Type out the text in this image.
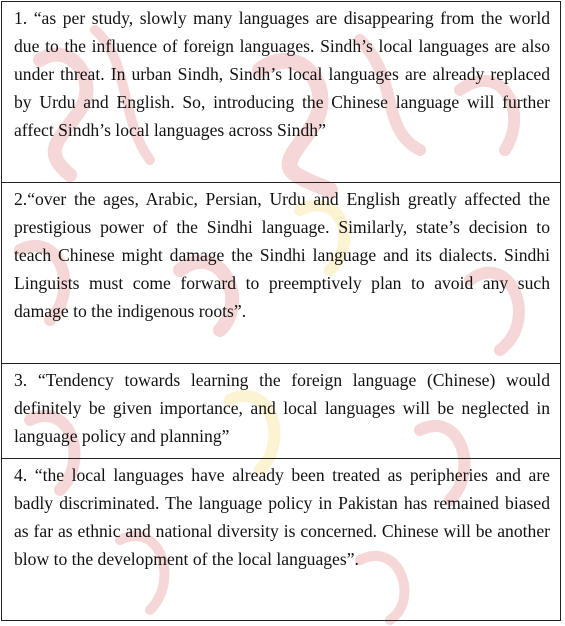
1. “as per study, slowly many languages are disappearing from the world due to the influence of foreign languages. Sindh’s local languages are also under threat. In urban Sindh, Sindh’s local languages are already replaced by Urdu and English. So, introducing the Chinese language will further affect Sindh’s local languages across Sindh”
2.“over the ages, Arabic, Persian, Urdu and English greatly affected the prestigious power of the Sindhi language. Similarly, state’s decision to teach Chinese might damage the Sindhi language and its dialects. Sindhi Linguists must come forward to preemptively plan to avoid any such damage to the indigenous roots”.
3. “Tendency towards learning the foreign language (Chinese) would definitely be given importance, and local languages will be neglected in language policy and planning”
4. “the local languages have already been treated as peripheries and are badly discriminated. The language policy in Pakistan has remained biased as far as ethnic and national diversity is concerned. Chinese will be another blow to the development of the local languages”.
